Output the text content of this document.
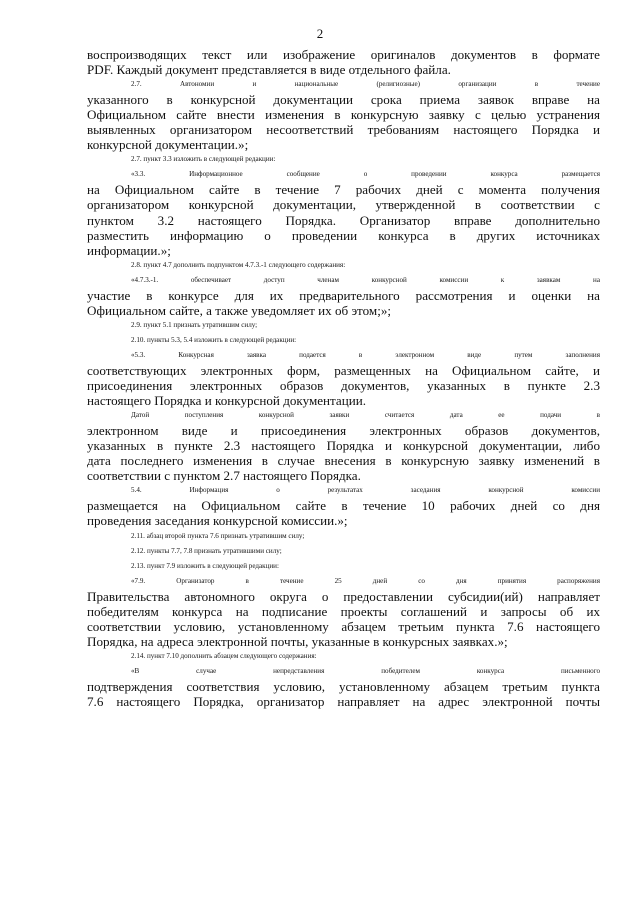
2

воспроизводящих текст или изображение оригиналов документов в формате

PDF. Каждый документ представляется в виде отдельного файла.

2.7. Автономии и национальные (религиозные) организации в течение

указанного в конкурсной документации срока приема заявок вправе на

Официальном сайте внести изменения в конкурсную заявку с целью устранения

выявленных организатором несоответствий требованиям настоящего Порядка и

конкурсной документации.»;

2.7. пункт 3.3 изложить в следующей редакции:

«3.3. Информационное сообщение о проведении конкурса размещается

на Официальном сайте в течение 7 рабочих дней с момента получения

организатором конкурсной документации, утвержденной в соответствии с

пунктом 3.2 настоящего Порядка. Организатор вправе дополнительно

разместить информацию о проведении конкурса в других источниках

информации.»;

2.8. пункт 4.7 дополнить подпунктом 4.7.3.-1 следующего содержания:

«4.7.3.-1. обеспечивает доступ членам конкурсной комиссии к заявкам на

участие в конкурсе для их предварительного рассмотрения и оценки на

Официальном сайте, а также уведомляет их об этом;»;

2.9. пункт 5.1 признать утратившим силу;

2.10. пункты 5.3, 5.4 изложить в следующей редакции:

«5.3. Конкурсная заявка подается в электронном виде путем заполнения

соответствующих электронных форм, размещенных на Официальном сайте, и

присоединения электронных образов документов, указанных в пункте 2.3

настоящего Порядка и конкурсной документации.

Датой поступления конкурсной заявки считается дата ее подачи в

электронном виде и присоединения электронных образов документов,

указанных в пункте 2.3 настоящего Порядка и конкурсной документации, либо

дата последнего изменения в случае внесения в конкурсную заявку изменений в

соответствии с пунктом 2.7 настоящего Порядка.

5.4. Информация о результатах заседания конкурсной комиссии

размещается на Официальном сайте в течение 10 рабочих дней со дня

проведения заседания конкурсной комиссии.»;

2.11. абзац второй пункта 7.6 признать утратившим силу;

2.12. пункты 7.7, 7.8 признать утратившими силу;

2.13. пункт 7.9 изложить в следующей редакции:

«7.9. Организатор в течение 25 дней со дня принятия распоряжения

Правительства автономного округа о предоставлении субсидии(ий) направляет

победителям конкурса на подписание проекты соглашений и запросы об их

соответствии условию, установленному абзацем третьим пункта 7.6 настоящего

Порядка, на адреса электронной почты, указанные в конкурсных заявках.»;

2.14. пункт 7.10 дополнить абзацем следующего содержания:

«В случае непредставления победителем конкурса письменного

подтверждения соответствия условию, установленному абзацем третьим пункта

7.6 настоящего Порядка, организатор направляет на адрес электронной почты
